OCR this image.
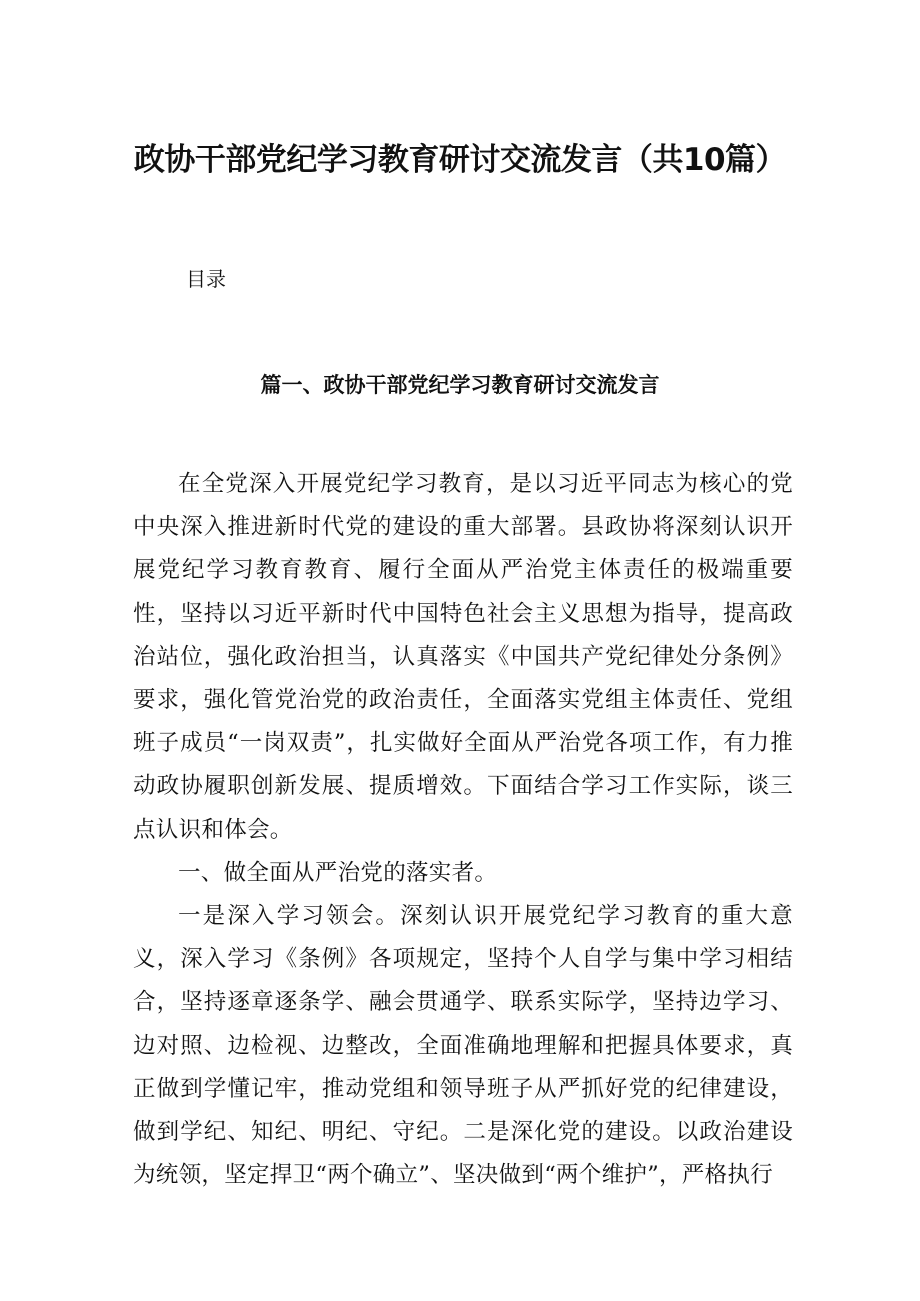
政协干部党纪学习教育研讨交流发言（共10篇）
目录
篇一、政协干部党纪学习教育研讨交流发言

在全党深入开展党纪学习教育，是以习近平同志为核心的党中央深入推进新时代党的建设的重大部署。县政协将深刻认识开展党纪学习教育教育、履行全面从严治党主体责任的极端重要性，坚持以习近平新时代中国特色社会主义思想为指导，提高政治站位，强化政治担当，认真落实《中国共产党纪律处分条例》要求，强化管党治党的政治责任，全面落实党组主体责任、党组班子成员“一岗双责”，扎实做好全面从严治党各项工作，有力推动政协履职创新发展、提质增效。下面结合学习工作实际，谈三点认识和体会。

一、做全面从严治党的落实者。

一是深入学习领会。深刻认识开展党纪学习教育的重大意义，深入学习《条例》各项规定，坚持个人自学与集中学习相结合，坚持逐章逐条学、融会贯通学、联系实际学，坚持边学习、边对照、边检视、边整改，全面准确地理解和把握具体要求，真正做到学懂记牢，推动党组和领导班子从严抓好党的纪律建设，做到学纪、知纪、明纪、守纪。二是深化党的建设。以政治建设为统领，坚定捍卫“两个确立”、坚决做到“两个维护”，严格执行
